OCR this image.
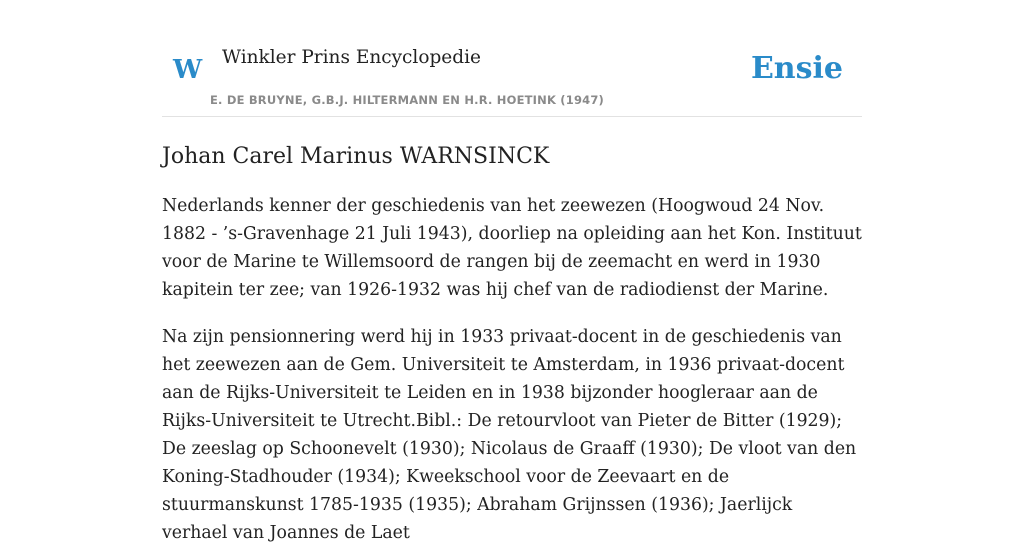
W Winkler Prins Encyclopedie
E. DE BRUYNE, G.B.J. HILTERMANN EN H.R. HOETINK (1947)
Ensie
Johan Carel Marinus WARNSINCK

Nederlands kenner der geschiedenis van het zeewezen (Hoogwoud 24 Nov. 1882 - ’s-Gravenhage 21 Juli 1943), doorliep na opleiding aan het Kon. Instituut voor de Marine te Willemsoord de rangen bij de zeemacht en werd in 1930 kapitein ter zee; van 1926-1932 was hij chef van de radiodienst der Marine.

Na zijn pensionnering werd hij in 1933 privaat-docent in de geschiedenis van het zeewezen aan de Gem. Universiteit te Amsterdam, in 1936 privaat-docent aan de Rijks-Universiteit te Leiden en in 1938 bijzonder hoogleraar aan de Rijks-Universiteit te Utrecht.Bibl.: De retourvloot van Pieter de Bitter (1929); De zeeslag op Schoonevelt (1930); Nicolaus de Graaff (1930); De vloot van den Koning-Stadhouder (1934); Kweekschool voor de Zeevaart en de stuurmanskunst 1785-1935 (1935); Abraham Grijnssen (1936); Jaerlijck verhael van Joannes de Laet
